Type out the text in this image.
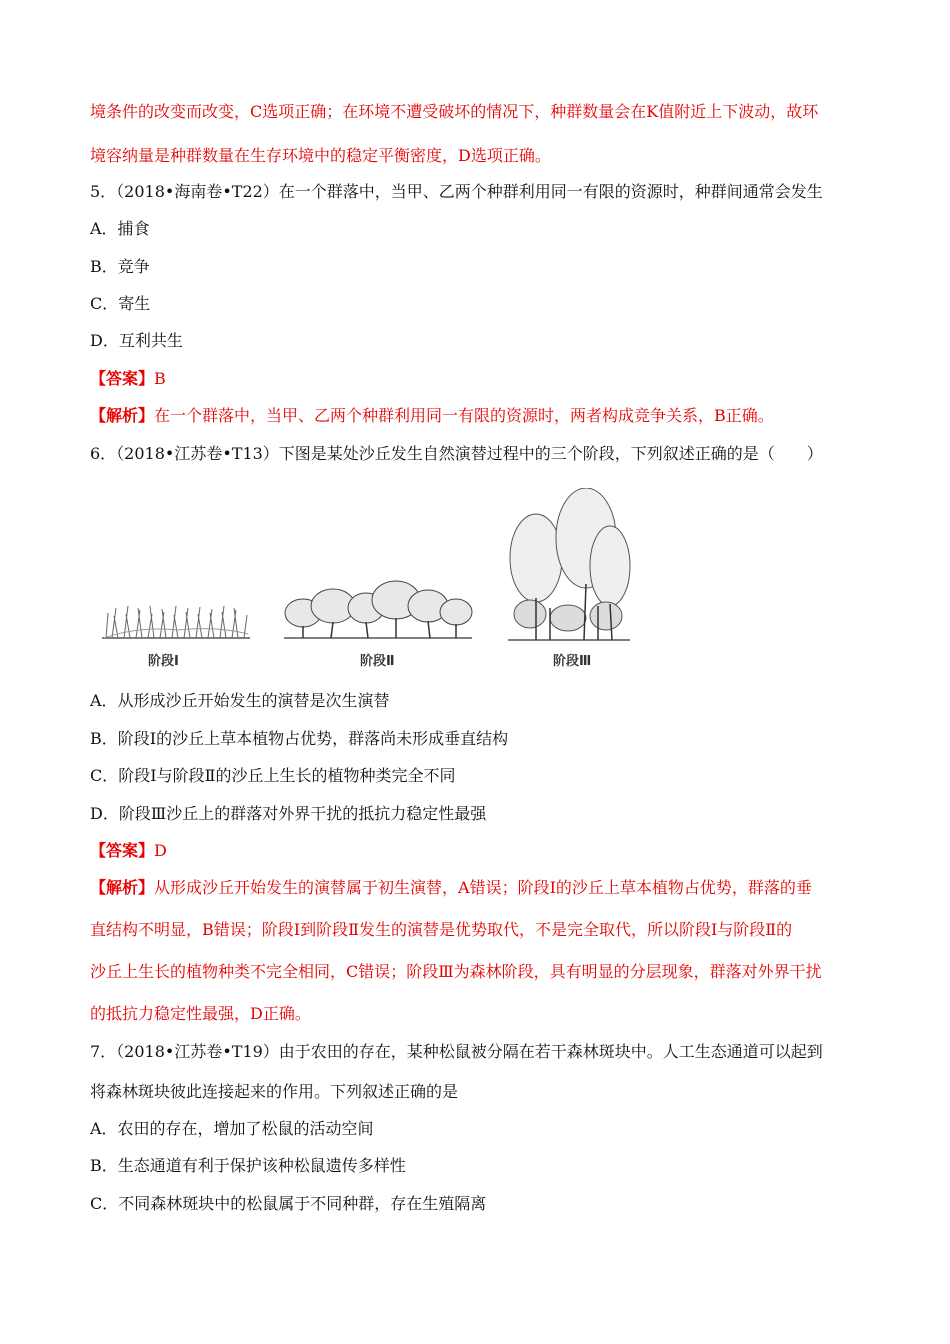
境条件的改变而改变，C选项正确；在环境不遭受破坏的情况下，种群数量会在K值附近上下波动，故环
境容纳量是种群数量在生存环境中的稳定平衡密度，D选项正确。
5．（2018•海南卷•T22）在一个群落中，当甲、乙两个种群利用同一有限的资源时，种群间通常会发生
A．捕食
B．竞争
C．寄生
D．互利共生
【答案】B
【解析】在一个群落中，当甲、乙两个种群利用同一有限的资源时，两者构成竞争关系，B正确。
6．（2018•江苏卷•T13）下图是某处沙丘发生自然演替过程中的三个阶段，下列叙述正确的是（　　）
阶段Ⅰ	阶段Ⅱ	阶段Ⅲ
A．从形成沙丘开始发生的演替是次生演替
B．阶段Ⅰ的沙丘上草本植物占优势，群落尚未形成垂直结构
C．阶段Ⅰ与阶段Ⅱ的沙丘上生长的植物种类完全不同
D．阶段Ⅲ沙丘上的群落对外界干扰的抵抗力稳定性最强
【答案】D
【解析】从形成沙丘开始发生的演替属于初生演替，A错误；阶段Ⅰ的沙丘上草本植物占优势，群落的垂
直结构不明显，B错误；阶段Ⅰ到阶段Ⅱ发生的演替是优势取代，不是完全取代，所以阶段Ⅰ与阶段Ⅱ的
沙丘上生长的植物种类不完全相同，C错误；阶段Ⅲ为森林阶段，具有明显的分层现象，群落对外界干扰
的抵抗力稳定性最强，D正确。
7．（2018•江苏卷•T19）由于农田的存在，某种松鼠被分隔在若干森林斑块中。人工生态通道可以起到
将森林斑块彼此连接起来的作用。下列叙述正确的是
A．农田的存在，增加了松鼠的活动空间
B．生态通道有利于保护该种松鼠遗传多样性
C．不同森林斑块中的松鼠属于不同种群，存在生殖隔离
